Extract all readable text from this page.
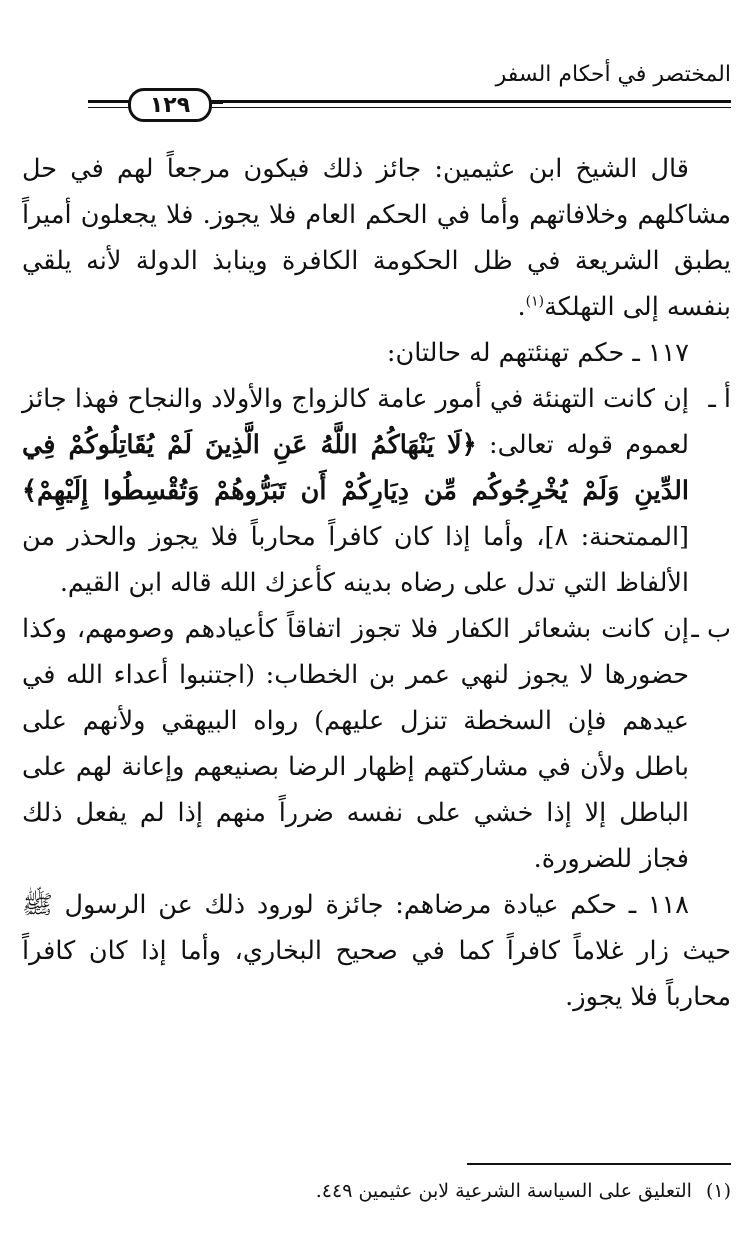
المختصر في أحكام السفر
١٢٩

قال الشيخ ابن عثيمين: جائز ذلك فيكون مرجعاً لهم في حل مشاكلهم وخلافاتهم وأما في الحكم العام فلا يجوز. فلا يجعلون أميراً يطبق الشريعة في ظل الحكومة الكافرة وينابذ الدولة لأنه يلقي بنفسه إلى التهلكة$^{(١)}$.

١١٧ ـ حكم تهنئتهم له حالتان:

أ ـ
إن كانت التهنئة في أمور عامة كالزواج والأولاد والنجاح فهذا جائز لعموم قوله تعالى: ﴿لَا يَنْهَاكُمُ اللَّهُ عَنِ الَّذِينَ لَمْ يُقَاتِلُوكُمْ فِي الدِّينِ وَلَمْ يُخْرِجُوكُم مِّن دِيَارِكُمْ أَن تَبَرُّوهُمْ وَتُقْسِطُوا إِلَيْهِمْ﴾ [الممتحنة: ٨]، وأما إذا كان كافراً محارباً فلا يجوز والحذر من الألفاظ التي تدل على رضاه بدينه كأعزك الله قاله ابن القيم.
ب ـ
إن كانت بشعائر الكفار فلا تجوز اتفاقاً كأعيادهم وصومهم، وكذا حضورها لا يجوز لنهي عمر بن الخطاب: (اجتنبوا أعداء الله في عيدهم فإن السخطة تنزل عليهم) رواه البيهقي ولأنهم على باطل ولأن في مشاركتهم إظهار الرضا بصنيعهم وإعانة لهم على الباطل إلا إذا خشي على نفسه ضرراً منهم إذا لم يفعل ذلك فجاز للضرورة.

١١٨ ـ حكم عيادة مرضاهم: جائزة لورود ذلك عن الرسول ﷺ حيث زار غلاماً كافراً كما في صحيح البخاري، وأما إذا كان كافراً محارباً فلا يجوز.

(١)التعليق على السياسة الشرعية لابن عثيمين ٤٤٩.
